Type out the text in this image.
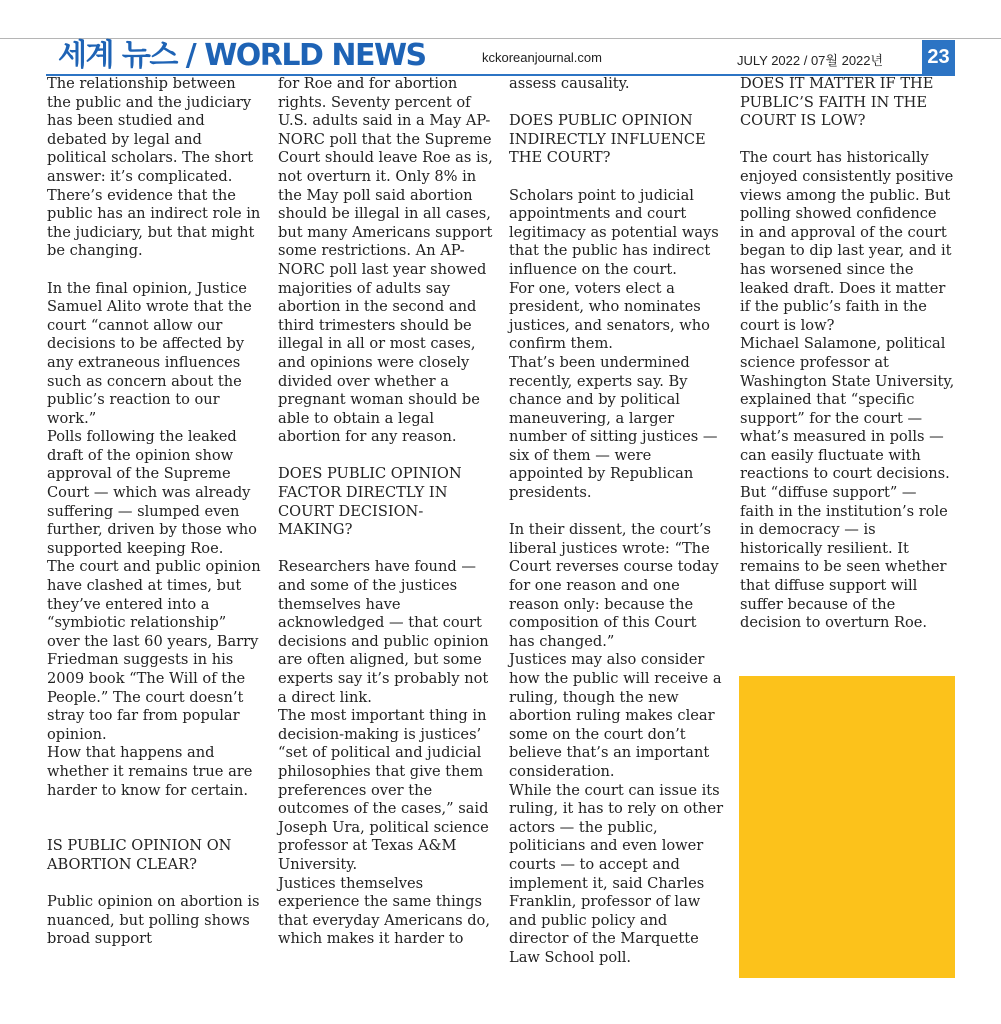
세계 뉴스 / WORLD NEWS	kckoreanjournal.com	JULY 2022 / 07월 2022년 23

The relationship between the public and the judiciary has been studied and debated by legal and political scholars. The short answer: it’s complicated. There’s evidence that the public has an indirect role in the judiciary, but that might be changing.

In the final opinion, Justice Samuel Alito wrote that the court “cannot allow our decisions to be affected by any extraneous influences such as concern about the public’s reaction to our work.”

Polls following the leaked draft of the opinion show approval of the Supreme Court — which was already suffering — slumped even further, driven by those who supported keeping Roe.

The court and public opinion have clashed at times, but they’ve entered into a “symbiotic relationship” over the last 60 years, Barry Friedman suggests in his 2009 book “The Will of the People.” The court doesn’t stray too far from popular opinion.

How that happens and whether it remains true are harder to know for certain.

IS PUBLIC OPINION ON ABORTION CLEAR?

Public opinion on abortion is nuanced, but polling shows broad support

for Roe and for abortion rights. Seventy percent of U.S. adults said in a May AP-NORC poll that the Supreme Court should leave Roe as is, not overturn it. Only 8% in the May poll said abortion should be illegal in all cases, but many Americans support some restrictions. An AP-NORC poll last year showed majorities of adults say abortion in the second and third trimesters should be illegal in all or most cases, and opinions were closely divided over whether a pregnant woman should be able to obtain a legal abortion for any reason.

DOES PUBLIC OPINION FACTOR DIRECTLY IN COURT DECISION-MAKING?

Researchers have found — and some of the justices themselves have acknowledged — that court decisions and public opinion are often aligned, but some experts say it’s probably not a direct link.

The most important thing in decision-making is justices’ “set of political and judicial philosophies that give them preferences over the outcomes of the cases,” said Joseph Ura, political science professor at Texas A&M University.

Justices themselves experience the same things that everyday Americans do, which makes it harder to

assess causality.

DOES PUBLIC OPINION INDIRECTLY INFLUENCE THE COURT?

Scholars point to judicial appointments and court legitimacy as potential ways that the public has indirect influence on the court.

For one, voters elect a president, who nominates justices, and senators, who confirm them.

That’s been undermined recently, experts say. By chance and by political maneuvering, a larger number of sitting justices — six of them — were appointed by Republican presidents.

In their dissent, the court’s liberal justices wrote: “The Court reverses course today for one reason and one reason only: because the composition of this Court has changed.”

Justices may also consider how the public will receive a ruling, though the new abortion ruling makes clear some on the court don’t believe that’s an important consideration.

While the court can issue its ruling, it has to rely on other actors — the public, politicians and even lower courts — to accept and implement it, said Charles Franklin, professor of law and public policy and director of the Marquette Law School poll.

DOES IT MATTER IF THE PUBLIC’S FAITH IN THE COURT IS LOW?

The court has historically enjoyed consistently positive views among the public. But polling showed confidence in and approval of the court began to dip last year, and it has worsened since the leaked draft. Does it matter if the public’s faith in the court is low?

Michael Salamone, political science professor at Washington State University, explained that “specific support” for the court — what’s measured in polls — can easily fluctuate with reactions to court decisions. But “diffuse support” — faith in the institution’s role in democracy — is historically resilient. It remains to be seen whether that diffuse support will suffer because of the decision to overturn Roe.
